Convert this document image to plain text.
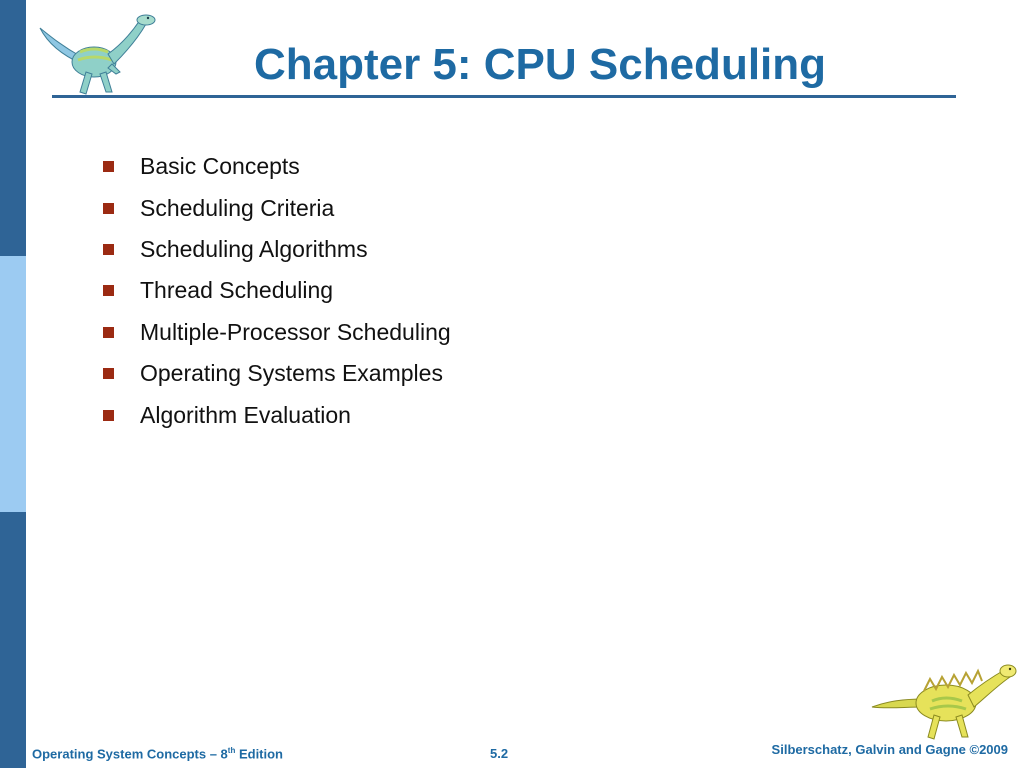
Chapter 5: CPU Scheduling
Basic Concepts
Scheduling Criteria
Scheduling Algorithms
Thread Scheduling
Multiple-Processor Scheduling
Operating Systems Examples
Algorithm Evaluation
Operating System Concepts – 8th Edition	5.2	Silberschatz, Galvin and Gagne ©2009
